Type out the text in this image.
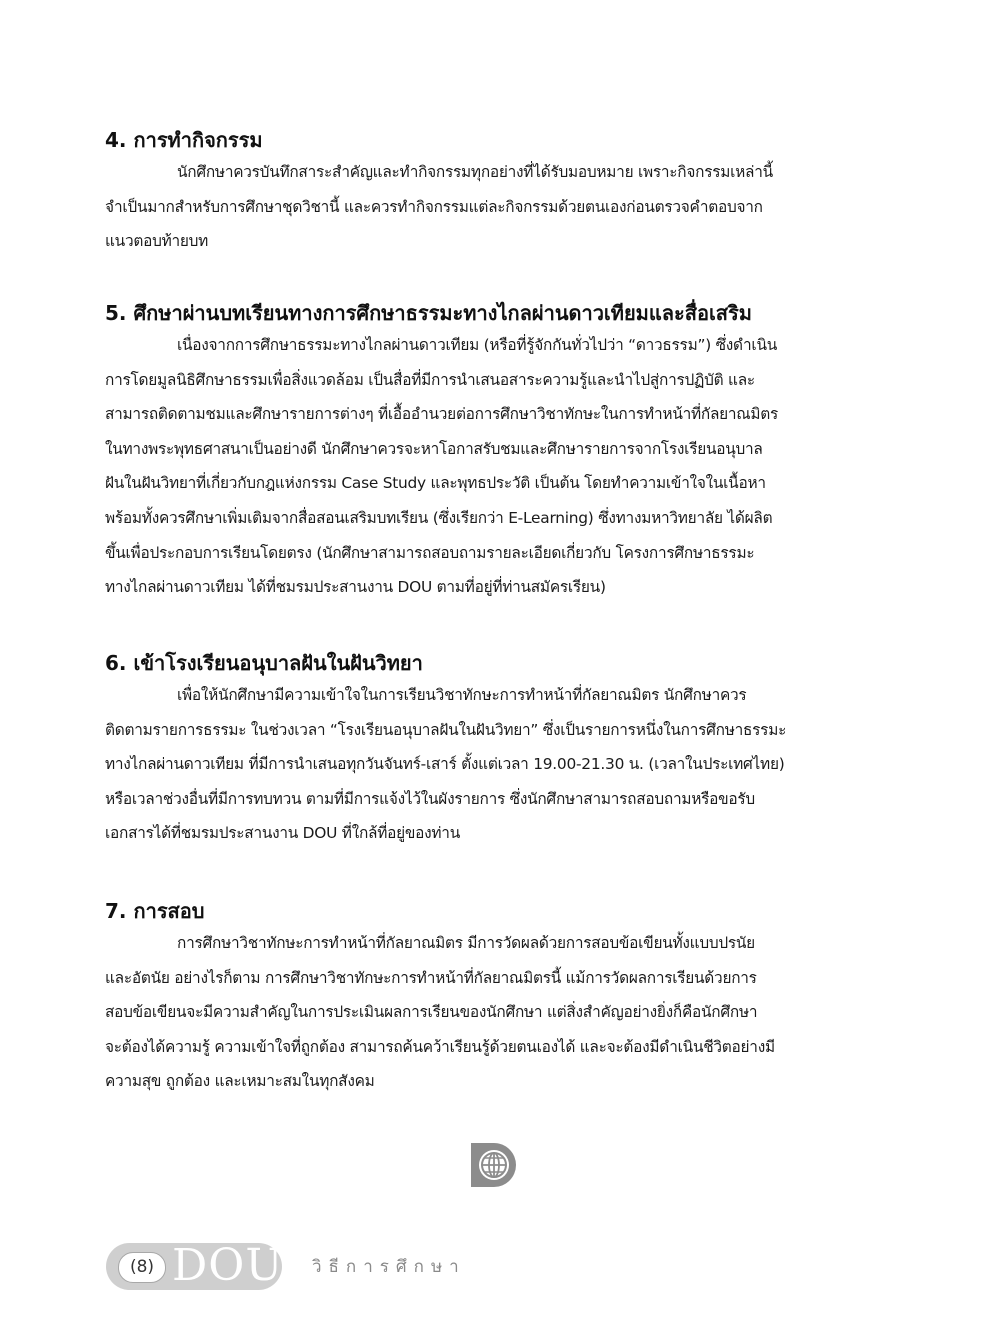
4. การทำกิจกรรม
นักศึกษาควรบันทึกสาระสำคัญและทำกิจกรรมทุกอย่างที่ได้รับมอบหมาย เพราะกิจกรรมเหล่านี้
จำเป็นมากสำหรับการศึกษาชุดวิชานี้ และควรทำกิจกรรมแต่ละกิจกรรมด้วยตนเองก่อนตรวจคำตอบจาก
แนวตอบท้ายบท
5. ศึกษาผ่านบทเรียนทางการศึกษาธรรมะทางไกลผ่านดาวเทียมและสื่อเสริม
เนื่องจากการศึกษาธรรมะทางไกลผ่านดาวเทียม (หรือที่รู้จักกันทั่วไปว่า “ดาวธรรม”) ซึ่งดำเนิน
การโดยมูลนิธิศึกษาธรรมเพื่อสิ่งแวดล้อม เป็นสื่อที่มีการนำเสนอสาระความรู้และนำไปสู่การปฏิบัติ และ
สามารถติดตามชมและศึกษารายการต่างๆ ที่เอื้ออำนวยต่อการศึกษาวิชาทักษะในการทำหน้าที่กัลยาณมิตร
ในทางพระพุทธศาสนาเป็นอย่างดี นักศึกษาควรจะหาโอกาสรับชมและศึกษารายการจากโรงเรียนอนุบาล
ฝันในฝันวิทยาที่เกี่ยวกับกฎแห่งกรรม Case Study และพุทธประวัติ เป็นต้น โดยทำความเข้าใจในเนื้อหา
พร้อมทั้งควรศึกษาเพิ่มเติมจากสื่อสอนเสริมบทเรียน (ซึ่งเรียกว่า E-Learning) ซึ่งทางมหาวิทยาลัย ได้ผลิต
ขึ้นเพื่อประกอบการเรียนโดยตรง (นักศึกษาสามารถสอบถามรายละเอียดเกี่ยวกับ โครงการศึกษาธรรมะ
ทางไกลผ่านดาวเทียม ได้ที่ชมรมประสานงาน DOU ตามที่อยู่ที่ท่านสมัครเรียน)
6. เข้าโรงเรียนอนุบาลฝันในฝันวิทยา
เพื่อให้นักศึกษามีความเข้าใจในการเรียนวิชาทักษะการทำหน้าที่กัลยาณมิตร นักศึกษาควร
ติดตามรายการธรรมะ ในช่วงเวลา “โรงเรียนอนุบาลฝันในฝันวิทยา” ซึ่งเป็นรายการหนึ่งในการศึกษาธรรมะ
ทางไกลผ่านดาวเทียม ที่มีการนำเสนอทุกวันจันทร์-เสาร์ ตั้งแต่เวลา 19.00-21.30 น. (เวลาในประเทศไทย)
หรือเวลาช่วงอื่นที่มีการทบทวน ตามที่มีการแจ้งไว้ในผังรายการ ซึ่งนักศึกษาสามารถสอบถามหรือขอรับ
เอกสารได้ที่ชมรมประสานงาน DOU ที่ใกล้ที่อยู่ของท่าน
7. การสอบ
การศึกษาวิชาทักษะการทำหน้าที่กัลยาณมิตร มีการวัดผลด้วยการสอบข้อเขียนทั้งแบบปรนัย
และอัตนัย อย่างไรก็ตาม การศึกษาวิชาทักษะการทำหน้าที่กัลยาณมิตรนี้ แม้การวัดผลการเรียนด้วยการ
สอบข้อเขียนจะมีความสำคัญในการประเมินผลการเรียนของนักศึกษา แต่สิ่งสำคัญอย่างยิ่งก็คือนักศึกษา
จะต้องได้ความรู้ ความเข้าใจที่ถูกต้อง สามารถค้นคว้าเรียนรู้ด้วยตนเองได้ และจะต้องมีดำเนินชีวิตอย่างมี
ความสุข ถูกต้อง และเหมาะสมในทุกสังคม
(8) DOU วิธีการศึกษา
